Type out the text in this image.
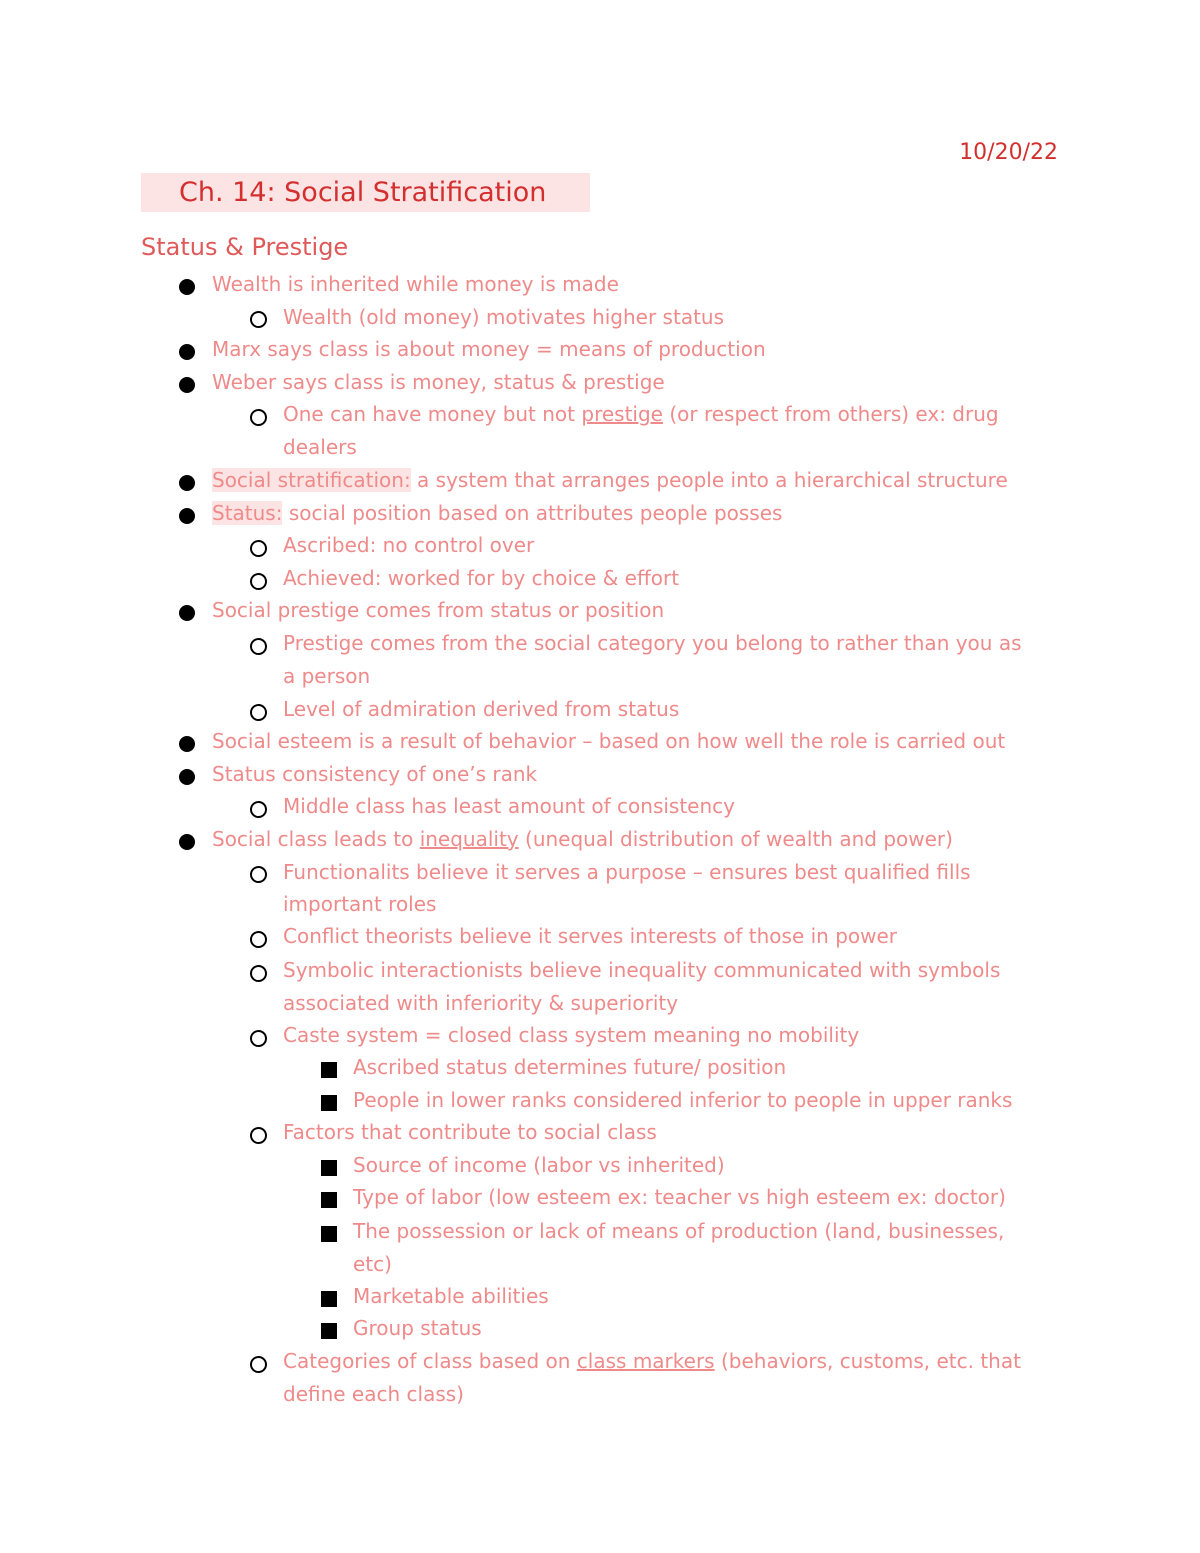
10/20/22
Ch. 14: Social Stratification
Status & Prestige
Wealth is inherited while money is made
Wealth (old money) motivates higher status
Marx says class is about money = means of production
Weber says class is money, status & prestige
One can have money but not prestige (or respect from others) ex: drug
dealers
Social stratification: a system that arranges people into a hierarchical structure
Status: social position based on attributes people posses
Ascribed: no control over
Achieved: worked for by choice & effort
Social prestige comes from status or position
Prestige comes from the social category you belong to rather than you as
a person
Level of admiration derived from status
Social esteem is a result of behavior – based on how well the role is carried out
Status consistency of one’s rank
Middle class has least amount of consistency
Social class leads to inequality (unequal distribution of wealth and power)
Functionalits believe it serves a purpose – ensures best qualified fills
important roles
Conflict theorists believe it serves interests of those in power
Symbolic interactionists believe inequality communicated with symbols
associated with inferiority & superiority
Caste system = closed class system meaning no mobility
Ascribed status determines future/ position
People in lower ranks considered inferior to people in upper ranks
Factors that contribute to social class
Source of income (labor vs inherited)
Type of labor (low esteem ex: teacher vs high esteem ex: doctor)
The possession or lack of means of production (land, businesses,
etc)
Marketable abilities
Group status
Categories of class based on class markers (behaviors, customs, etc. that
define each class)
